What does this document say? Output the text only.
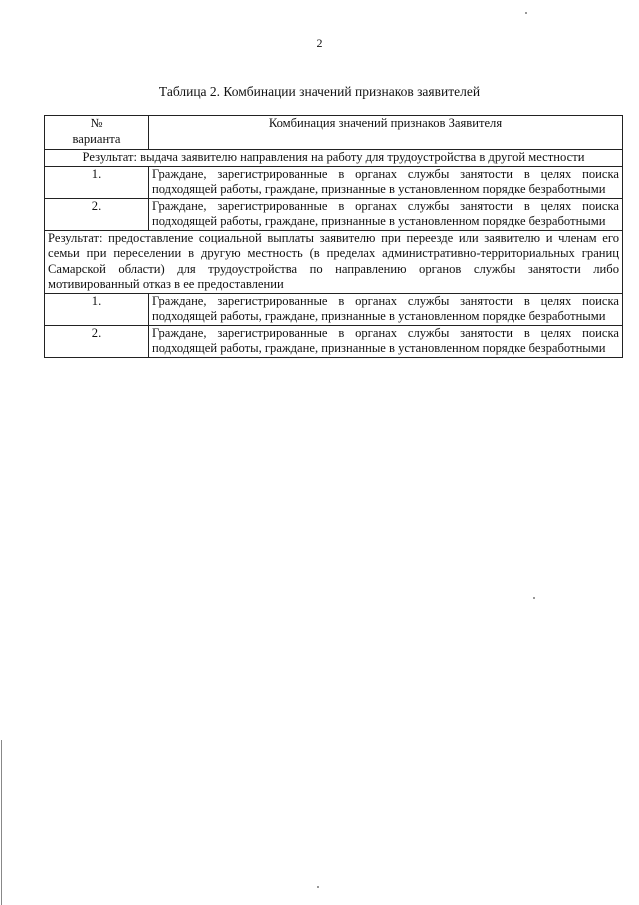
2
Таблица 2. Комбинации значений признаков заявителей
№
варианта	Комбинация значений признаков Заявителя
Результат: выдача заявителю направления на работу для трудоустройства в другой местности	
1.	Граждане, зарегистрированные в органах службы занятости в целях поиска подходящей работы, граждане, признанные в установленном порядке безработными
2.	Граждане, зарегистрированные в органах службы занятости в целях поиска подходящей работы, граждане, признанные в установленном порядке безработными
Результат: предоставление социальной выплаты заявителю при переезде или заявителю и членам его семьи при переселении в другую местность (в пределах административно-территориальных границ Самарской области) для трудоустройства по направлению органов службы занятости либо мотивированный отказ в ее предоставлении	
1.	Граждане, зарегистрированные в органах службы занятости в целях поиска подходящей работы, граждане, признанные в установленном порядке безработными
2.	Граждане, зарегистрированные в органах службы занятости в целях поиска подходящей работы, граждане, признанные в установленном порядке безработными
